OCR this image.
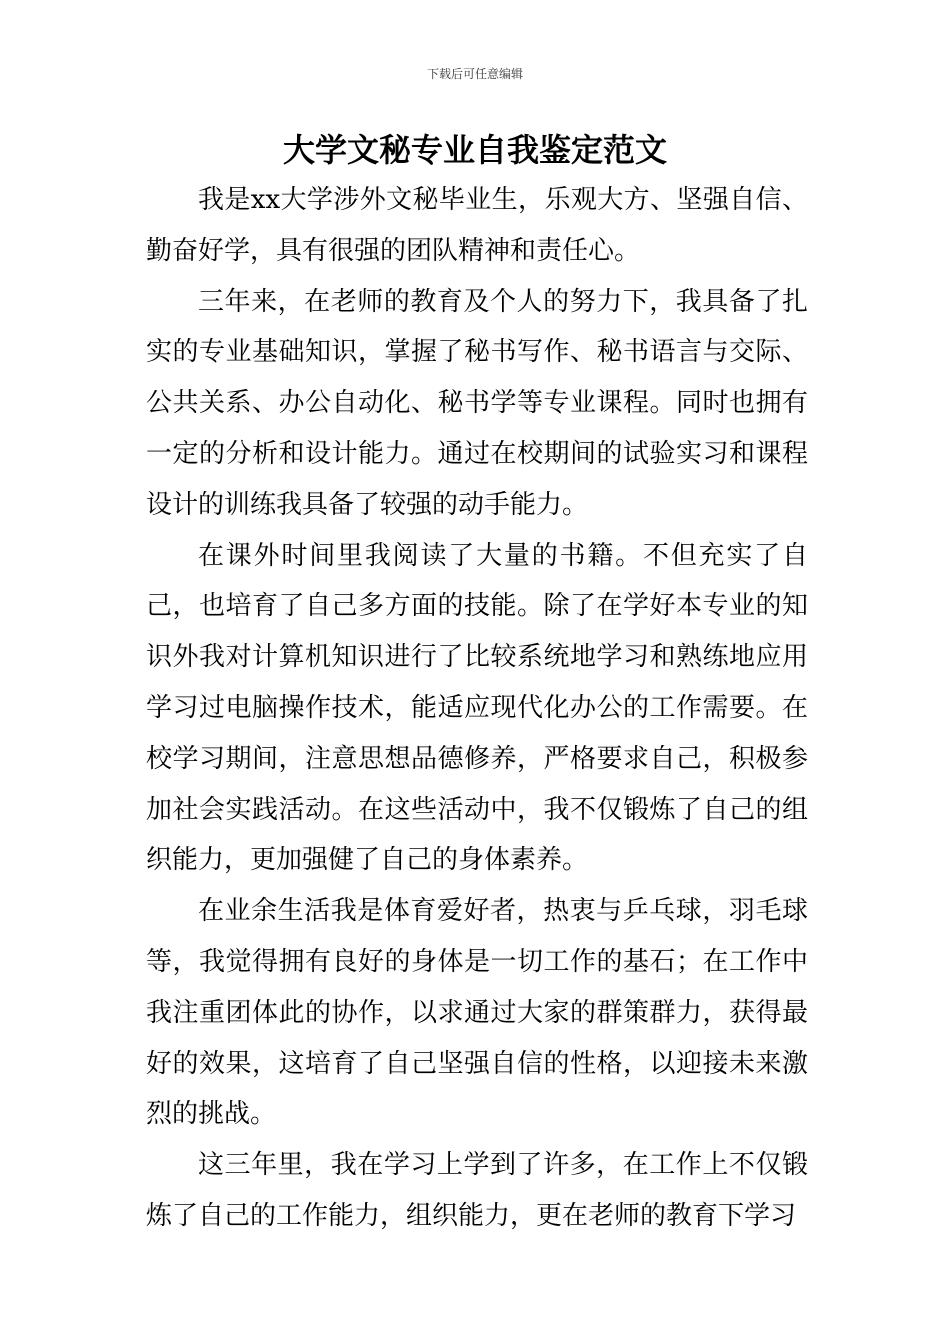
下载后可任意编辑
大学文秘专业自我鉴定范文

我是xx大学涉外文秘毕业生，乐观大方、坚强自信、勤奋好学，具有很强的团队精神和责任心。

三年来，在老师的教育及个人的努力下，我具备了扎实的专业基础知识，掌握了秘书写作、秘书语言与交际、公共关系、办公自动化、秘书学等专业课程。同时也拥有一定的分析和设计能力。通过在校期间的试验实习和课程设计的训练我具备了较强的动手能力。

在课外时间里我阅读了大量的书籍。不但充实了自己，也培育了自己多方面的技能。除了在学好本专业的知识外我对计算机知识进行了比较系统地学习和熟练地应用学习过电脑操作技术，能适应现代化办公的工作需要。在校学习期间，注意思想品德修养，严格要求自己，积极参加社会实践活动。在这些活动中，我不仅锻炼了自己的组织能力，更加强健了自己的身体素养。

在业余生活我是体育爱好者，热衷与乒乓球，羽毛球等，我觉得拥有良好的身体是一切工作的基石；在工作中我注重团体此的协作，以求通过大家的群策群力，获得最好的效果，这培育了自己坚强自信的性格，以迎接未来激烈的挑战。

这三年里，我在学习上学到了许多，在工作上不仅锻炼了自己的工作能力，组织能力，更在老师的教育下学习
